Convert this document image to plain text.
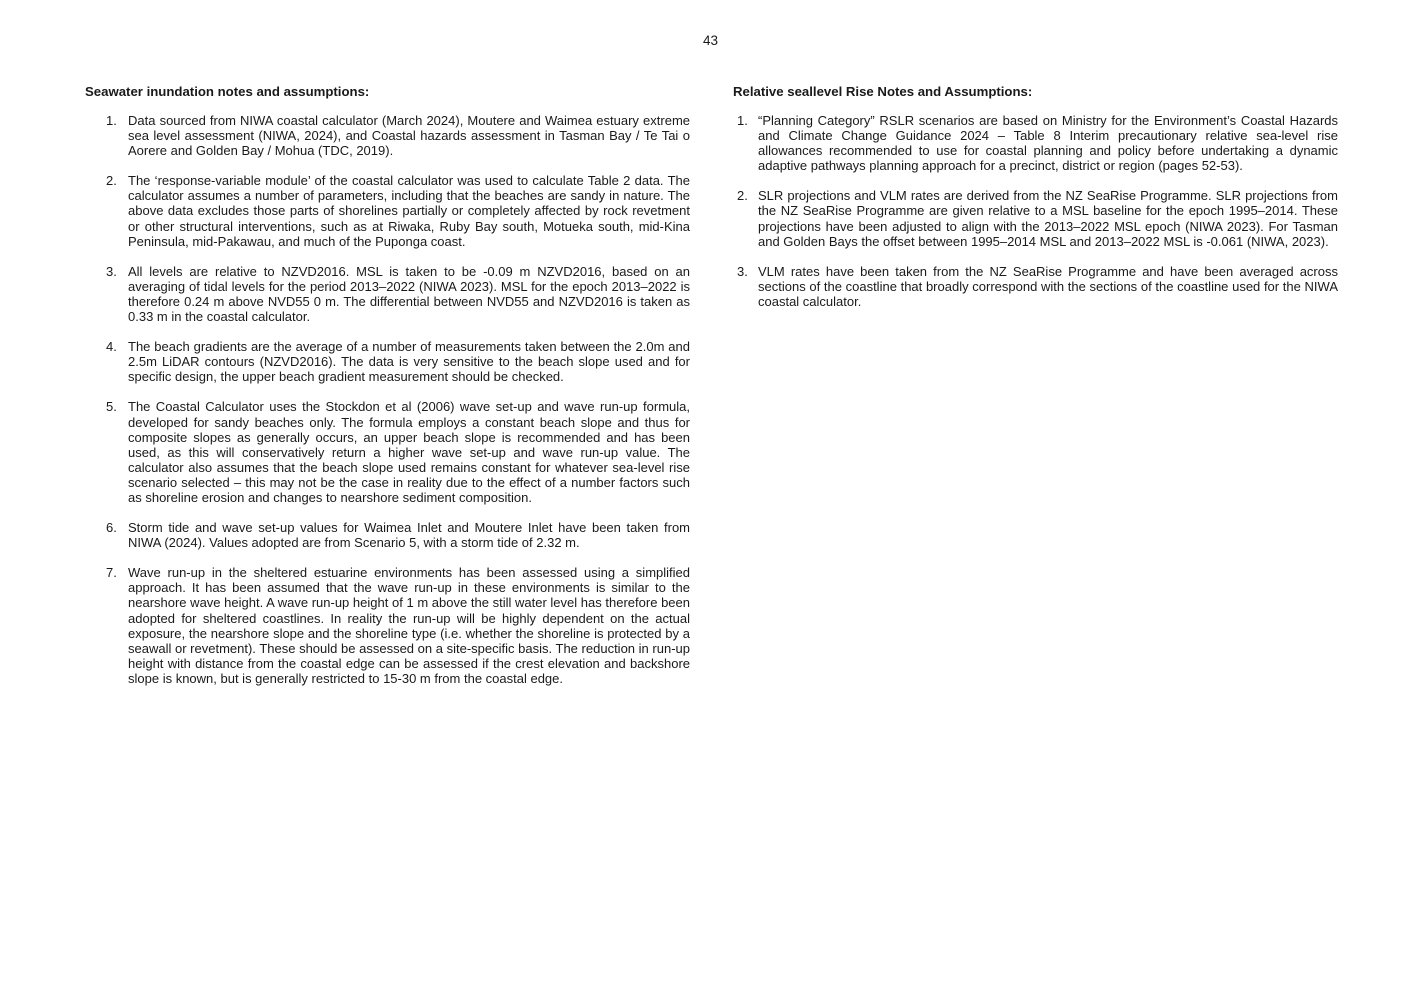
43
Seawater inundation notes and assumptions:
1. Data sourced from NIWA coastal calculator (March 2024), Moutere and Waimea estuary extreme sea level assessment (NIWA, 2024), and Coastal hazards assessment in Tasman Bay / Te Tai o Aorere and Golden Bay / Mohua (TDC, 2019).
2. The ‘response-variable module’ of the coastal calculator was used to calculate Table 2 data. The calculator assumes a number of parameters, including that the beaches are sandy in nature. The above data excludes those parts of shorelines partially or completely affected by rock revetment or other structural interventions, such as at Riwaka, Ruby Bay south, Motueka south, mid-Kina Peninsula, mid-Pakawau, and much of the Puponga coast.
3. All levels are relative to NZVD2016. MSL is taken to be -0.09 m NZVD2016, based on an averaging of tidal levels for the period 2013–2022 (NIWA 2023). MSL for the epoch 2013–2022 is therefore 0.24 m above NVD55 0 m. The differential between NVD55 and NZVD2016 is taken as 0.33 m in the coastal calculator.
4. The beach gradients are the average of a number of measurements taken between the 2.0m and 2.5m LiDAR contours (NZVD2016). The data is very sensitive to the beach slope used and for specific design, the upper beach gradient measurement should be checked.
5. The Coastal Calculator uses the Stockdon et al (2006) wave set-up and wave run-up formula, developed for sandy beaches only. The formula employs a constant beach slope and thus for composite slopes as generally occurs, an upper beach slope is recommended and has been used, as this will conservatively return a higher wave set-up and wave run-up value. The calculator also assumes that the beach slope used remains constant for whatever sea-level rise scenario selected – this may not be the case in reality due to the effect of a number factors such as shoreline erosion and changes to nearshore sediment composition.
6. Storm tide and wave set-up values for Waimea Inlet and Moutere Inlet have been taken from NIWA (2024). Values adopted are from Scenario 5, with a storm tide of 2.32 m.
7. Wave run-up in the sheltered estuarine environments has been assessed using a simplified approach. It has been assumed that the wave run-up in these environments is similar to the nearshore wave height. A wave run-up height of 1 m above the still water level has therefore been adopted for sheltered coastlines. In reality the run-up will be highly dependent on the actual exposure, the nearshore slope and the shoreline type (i.e. whether the shoreline is protected by a seawall or revetment). These should be assessed on a site-specific basis. The reduction in run-up height with distance from the coastal edge can be assessed if the crest elevation and backshore slope is known, but is generally restricted to 15-30 m from the coastal edge.
Relative seallevel Rise Notes and Assumptions:
1. “Planning Category” RSLR scenarios are based on Ministry for the Environment’s Coastal Hazards and Climate Change Guidance 2024 – Table 8 Interim precautionary relative sea-level rise allowances recommended to use for coastal planning and policy before undertaking a dynamic adaptive pathways planning approach for a precinct, district or region (pages 52-53).
2. SLR projections and VLM rates are derived from the NZ SeaRise Programme. SLR projections from the NZ SeaRise Programme are given relative to a MSL baseline for the epoch 1995–2014. These projections have been adjusted to align with the 2013–2022 MSL epoch (NIWA 2023). For Tasman and Golden Bays the offset between 1995–2014 MSL and 2013–2022 MSL is -0.061 (NIWA, 2023).
3. VLM rates have been taken from the NZ SeaRise Programme and have been averaged across sections of the coastline that broadly correspond with the sections of the coastline used for the NIWA coastal calculator.
